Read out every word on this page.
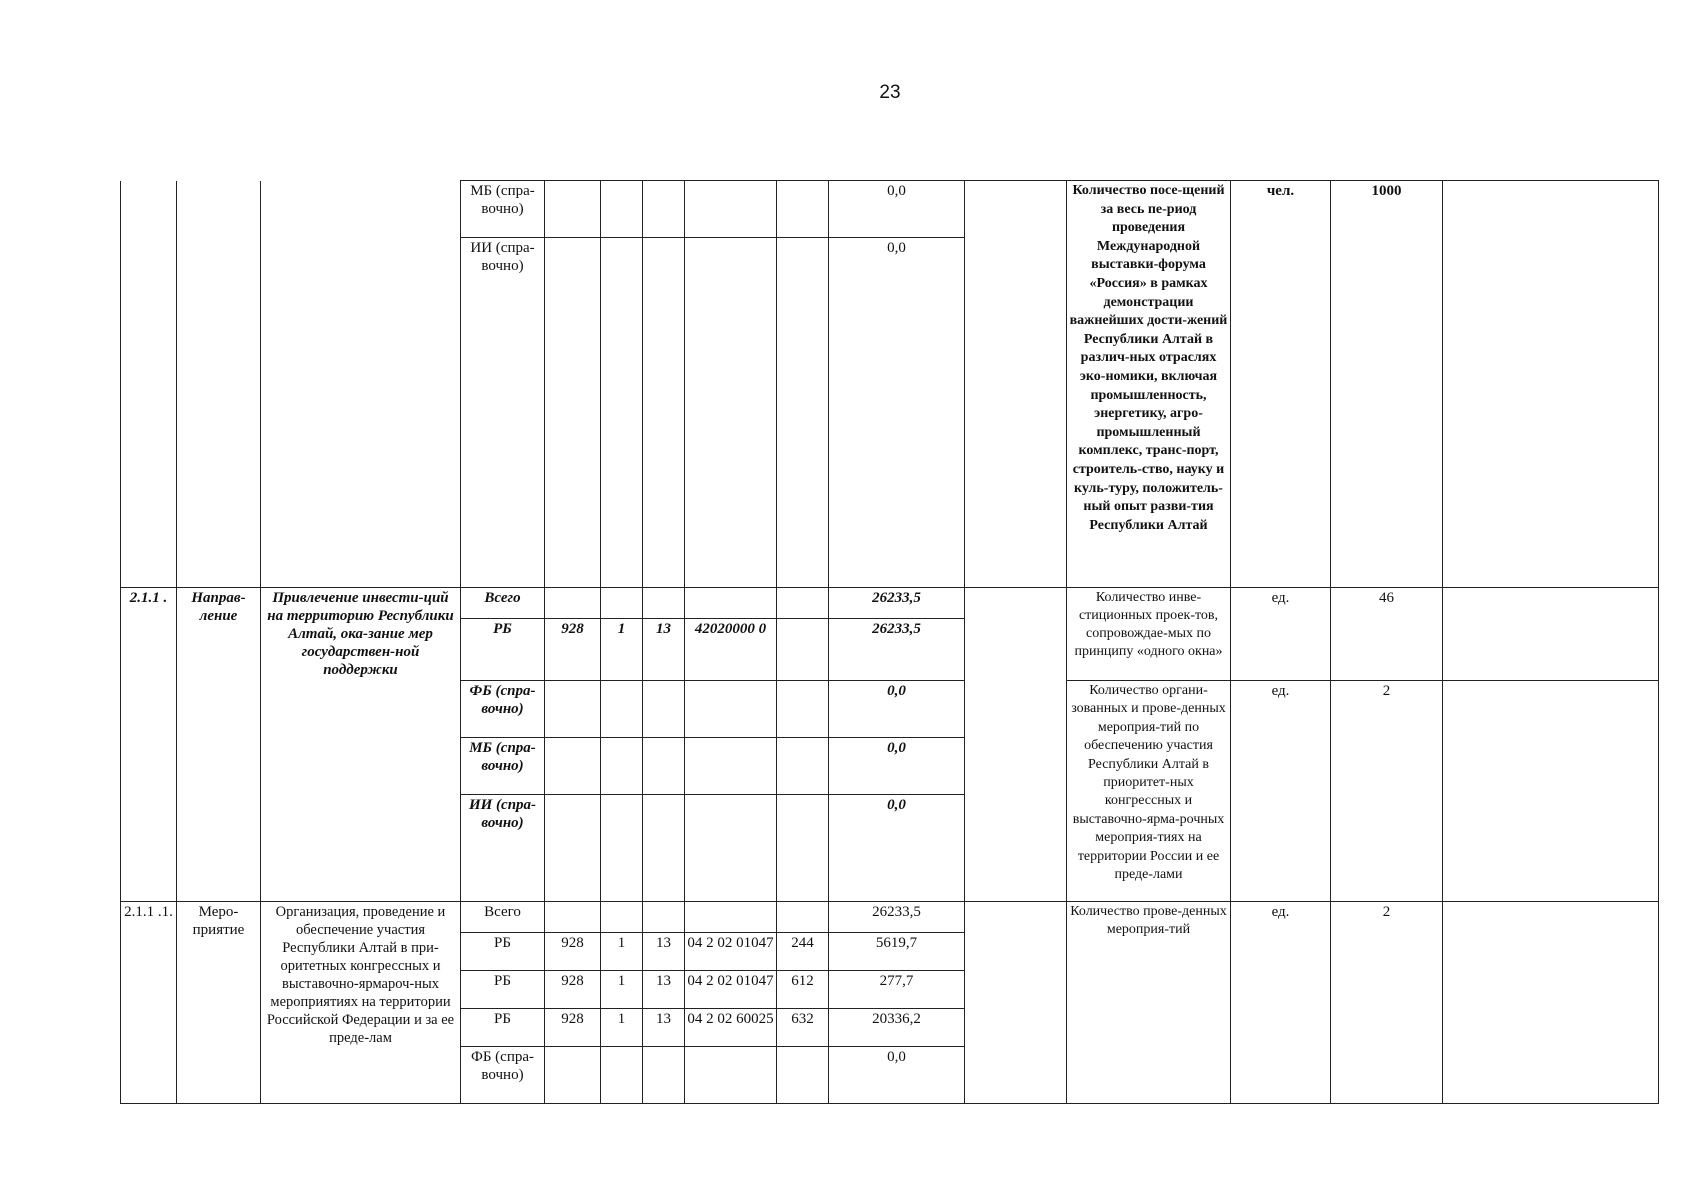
23
			МБ (спра-вочно)						0,0		Количество посе-щений за весь пе-риод проведения Международной выставки-форума «Россия» в рамках демонстрации важнейших дости-жений Республики Алтай в различ-ных отраслях эко-номики, включая промышленность, энергетику, агро-промышленный комплекс, транс-порт, строитель-ство, науку и куль-туру, положитель-ный опыт разви-тия Республики Алтай	чел.	1000	
			ИИ (спра-вочно)						0,0					
2.1.1 .	Направ-ление	Привлечение инвести-ций на территорию Республики Алтай, ока-зание мер государствен-ной поддержки	Всего						26233,5		Количество инве-стиционных проек-тов, сопровождае-мых по принципу «одного окна»	ед.	46	
			РБ	928	1	13	42020000 0		26233,5					
			ФБ (спра-вочно)						0,0		Количество органи-зованных и прове-денных мероприя-тий по обеспечению участия Республики Алтай в приоритет-ных конгрессных и выставочно-ярма-рочных мероприя-тиях на территории России и ее преде-лами	ед.	2	
			МБ (спра-вочно)						0,0					
			ИИ (спра-вочно)						0,0					
2.1.1 .1.	Меро-приятие	Организация, проведение и обеспечение участия Республики Алтай в при-оритетных конгрессных и выставочно-ярмароч-ных мероприятиях на территории Российской Федерации и за ее преде-лам	Всего						26233,5		Количество прове-денных мероприя-тий	ед.	2	
			РБ	928	1	13	04 2 02 01047	244	5619,7					
			РБ	928	1	13	04 2 02 01047	612	277,7					
			РБ	928	1	13	04 2 02 60025	632	20336,2					
			ФБ (спра-вочно)						0,0					
